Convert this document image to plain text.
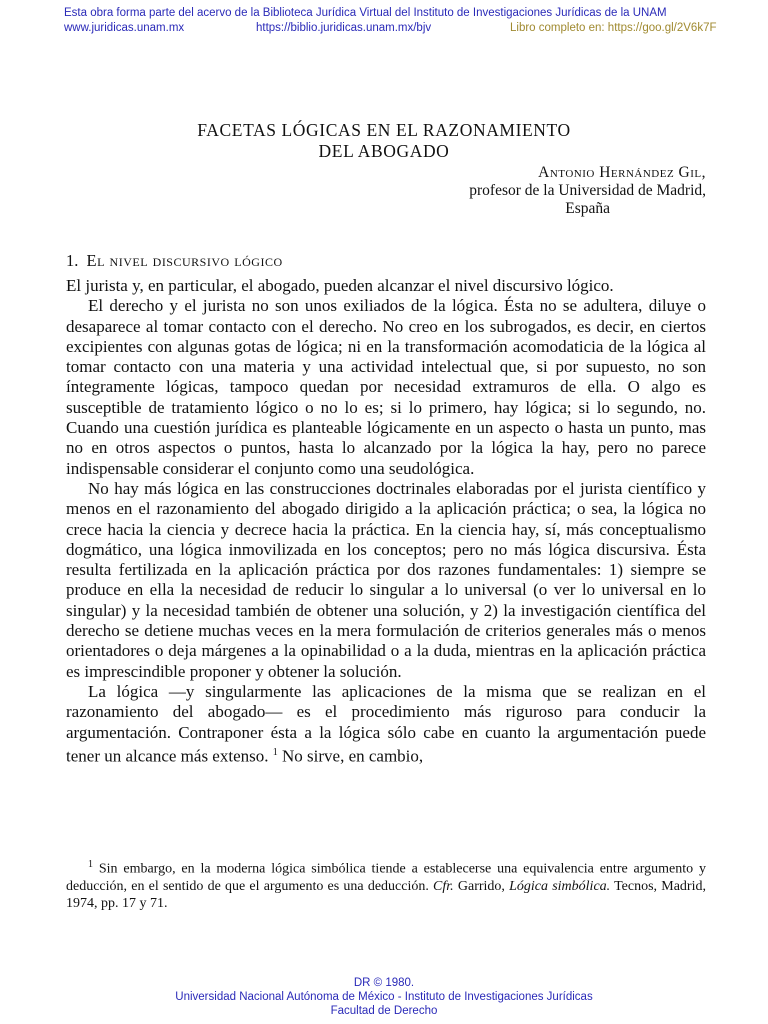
Esta obra forma parte del acervo de la Biblioteca Jurídica Virtual del Instituto de Investigaciones Jurídicas de la UNAM
www.juridicas.unam.mx	https://biblio.juridicas.unam.mx/bjv	Libro completo en: https://goo.gl/2V6k7F
FACETAS LÓGICAS EN EL RAZONAMIENTO
DEL ABOGADO
Antonio Hernández Gil,
profesor de la Universidad de Madrid,
España
1. El nivel discursivo lógico

El jurista y, en particular, el abogado, pueden alcanzar el nivel discursivo lógico.

El derecho y el jurista no son unos exiliados de la lógica. Ésta no se adultera, diluye o desaparece al tomar contacto con el derecho. No creo en los subrogados, es decir, en ciertos excipientes con algunas gotas de lógica; ni en la transformación acomodaticia de la lógica al tomar contacto con una materia y una actividad intelectual que, si por supuesto, no son íntegramente lógicas, tampoco quedan por necesidad extramuros de ella. O algo es susceptible de tratamiento lógico o no lo es; si lo primero, hay lógica; si lo segundo, no. Cuando una cuestión jurídica es planteable lógicamente en un aspecto o hasta un punto, mas no en otros aspectos o puntos, hasta lo alcanzado por la lógica la hay, pero no parece indispensable considerar el conjunto como una seudológica.

No hay más lógica en las construcciones doctrinales elaboradas por el jurista científico y menos en el razonamiento del abogado dirigido a la aplicación práctica; o sea, la lógica no crece hacia la ciencia y decrece hacia la práctica. En la ciencia hay, sí, más conceptualismo dogmático, una lógica inmovilizada en los conceptos; pero no más lógica discursiva. Ésta resulta fertilizada en la aplicación práctica por dos razones fundamentales: 1) siempre se produce en ella la necesidad de reducir lo singular a lo universal (o ver lo universal en lo singular) y la necesidad también de obtener una solución, y 2) la investigación científica del derecho se detiene muchas veces en la mera formulación de criterios generales más o menos orientadores o deja márgenes a la opinabilidad o a la duda, mientras en la aplicación práctica es imprescindible proponer y obtener la solución.

La lógica —y singularmente las aplicaciones de la misma que se realizan en el razonamiento del abogado— es el procedimiento más riguroso para conducir la argumentación. Contraponer ésta a la lógica sólo cabe en cuanto la argumentación puede tener un alcance más extenso. $^1$ No sirve, en cambio,

$^1$ Sin embargo, en la moderna lógica simbólica tiende a establecerse una equivalencia entre argumento y deducción, en el sentido de que el argumento es una deducción. Cfr. Garrido, Lógica simbólica. Tecnos, Madrid, 1974, pp. 17 y 71.
DR © 1980.
Universidad Nacional Autónoma de México - Instituto de Investigaciones Jurídicas
Facultad de Derecho
